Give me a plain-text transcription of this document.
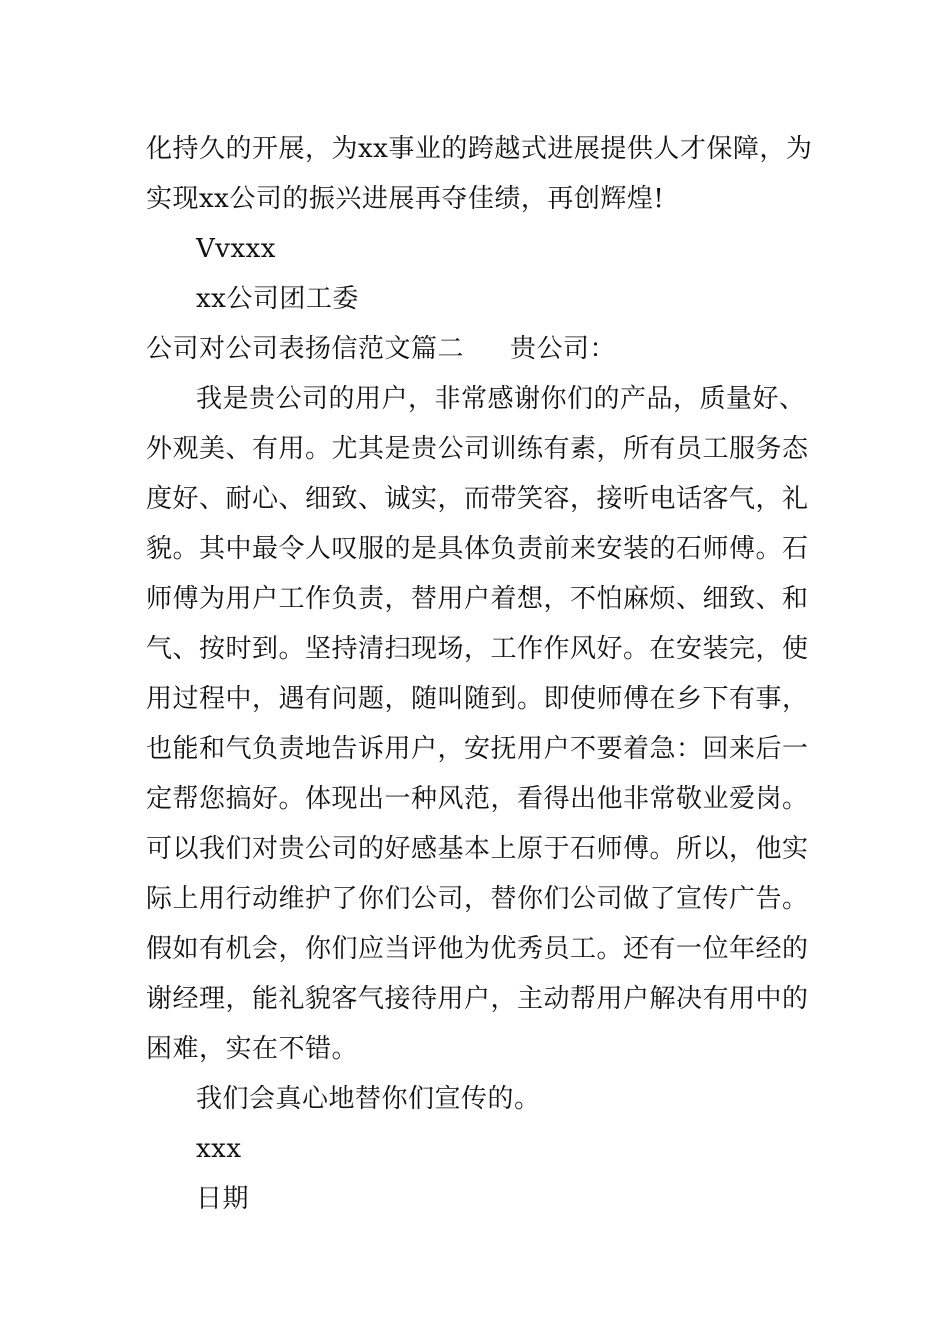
化持久的开展，为xx事业的跨越式进展提供人才保障，为
实现xx公司的振兴进展再夺佳绩，再创辉煌!
Vvxxx
xx公司团工委
公司对公司表扬信范文篇二 贵公司：
我是贵公司的用户，非常感谢你们的产品，质量好、
外观美、有用。尤其是贵公司训练有素，所有员工服务态
度好、耐心、细致、诚实，而带笑容，接听电话客气，礼
貌。其中最令人叹服的是具体负责前来安装的石师傅。石
师傅为用户工作负责，替用户着想，不怕麻烦、细致、和
气、按时到。坚持清扫现场，工作作风好。在安装完，使
用过程中，遇有问题，随叫随到。即使师傅在乡下有事，
也能和气负责地告诉用户，安抚用户不要着急：回来后一
定帮您搞好。体现出一种风范，看得出他非常敬业爱岗。
可以我们对贵公司的好感基本上原于石师傅。所以，他实
际上用行动维护了你们公司，替你们公司做了宣传广告。
假如有机会，你们应当评他为优秀员工。还有一位年经的
谢经理，能礼貌客气接待用户，主动帮用户解决有用中的
困难，实在不错。
我们会真心地替你们宣传的。
xxx
日期
